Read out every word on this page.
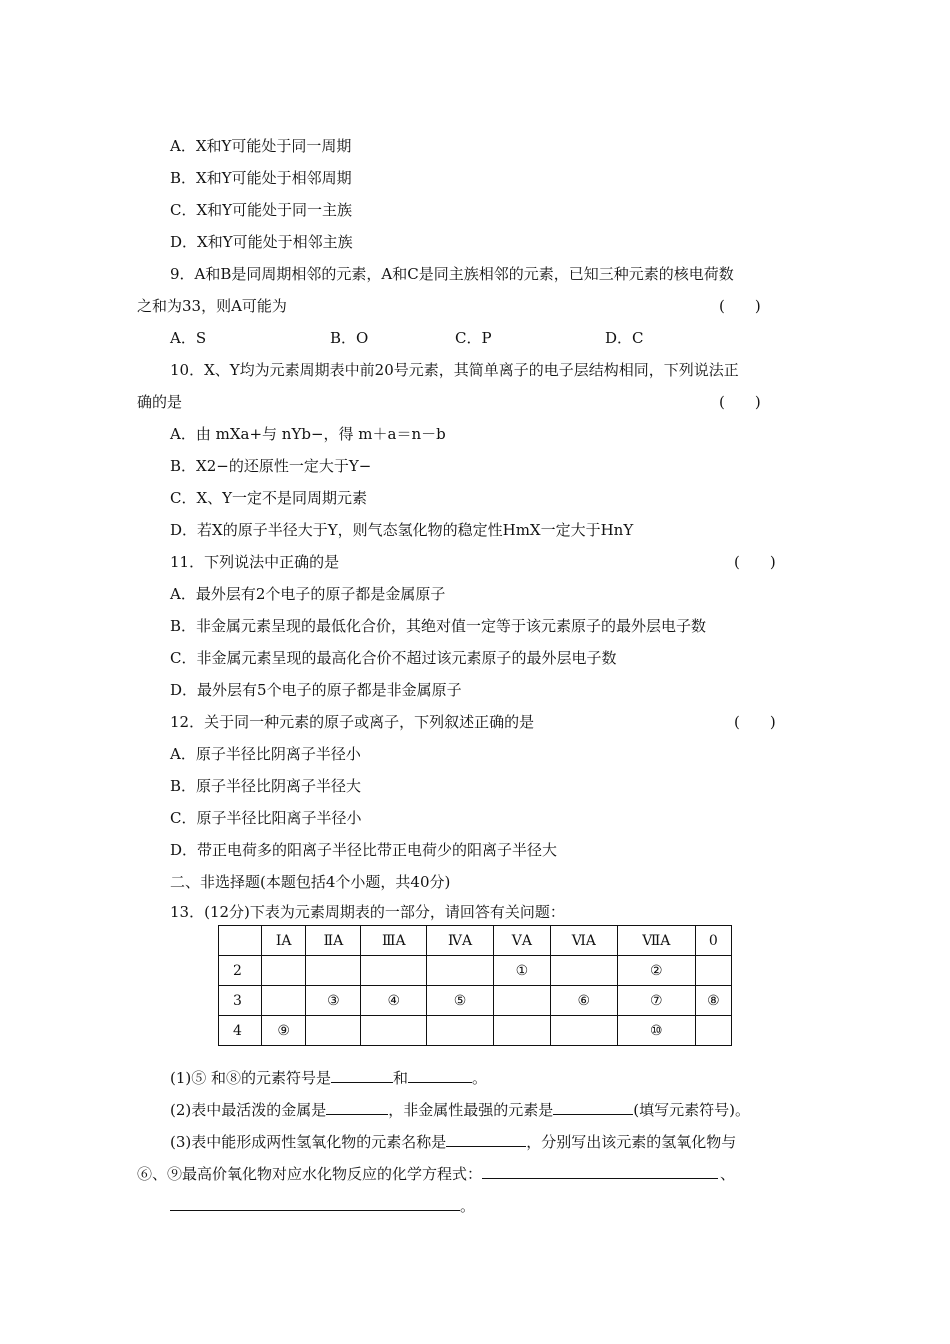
A．X和Y可能处于同一周期
B．X和Y可能处于相邻周期
C．X和Y可能处于同一主族
D．X和Y可能处于相邻主族
9．A和B是同周期相邻的元素，A和C是同主族相邻的元素，已知三种元素的核电荷数
之和为33，则A可能为	(　　)
A．S	B．O	C．P	D．C
10．X、Y均为元素周期表中前20号元素，其简单离子的电子层结构相同，下列说法正
确的是	(　　)
A．由 mXa+与 nYb−，得 m＋a＝n－b
B．X2−的还原性一定大于Y−
C．X、Y一定不是同周期元素
D．若X的原子半径大于Y，则气态氢化物的稳定性HmX一定大于HnY
11．下列说法中正确的是	(　　)
A．最外层有2个电子的原子都是金属原子
B．非金属元素呈现的最低化合价，其绝对值一定等于该元素原子的最外层电子数
C．非金属元素呈现的最高化合价不超过该元素原子的最外层电子数
D．最外层有5个电子的原子都是非金属原子
12．关于同一种元素的原子或离子，下列叙述正确的是	(　　)
A．原子半径比阴离子半径小
B．原子半径比阴离子半径大
C．原子半径比阳离子半径小
D．带正电荷多的阳离子半径比带正电荷少的阳离子半径大
二、非选择题(本题包括4个小题，共40分)
13．(12分)下表为元素周期表的一部分，请回答有关问题：
	ⅠA	ⅡA	ⅢA	ⅣA	ⅤA	ⅥA	ⅦA	0
2					①		②	
3		③	④	⑤		⑥	⑦	⑧
4	⑨						⑩	
(1)⑤ 和⑧的元素符号是	和	。
(2)表中最活泼的金属是	，非金属性最强的元素是	(填写元素符号)。
(3)表中能形成两性氢氧化物的元素名称是	，分别写出该元素的氢氧化物与
⑥、⑨最高价氧化物对应水化物反应的化学方程式：	、
。
